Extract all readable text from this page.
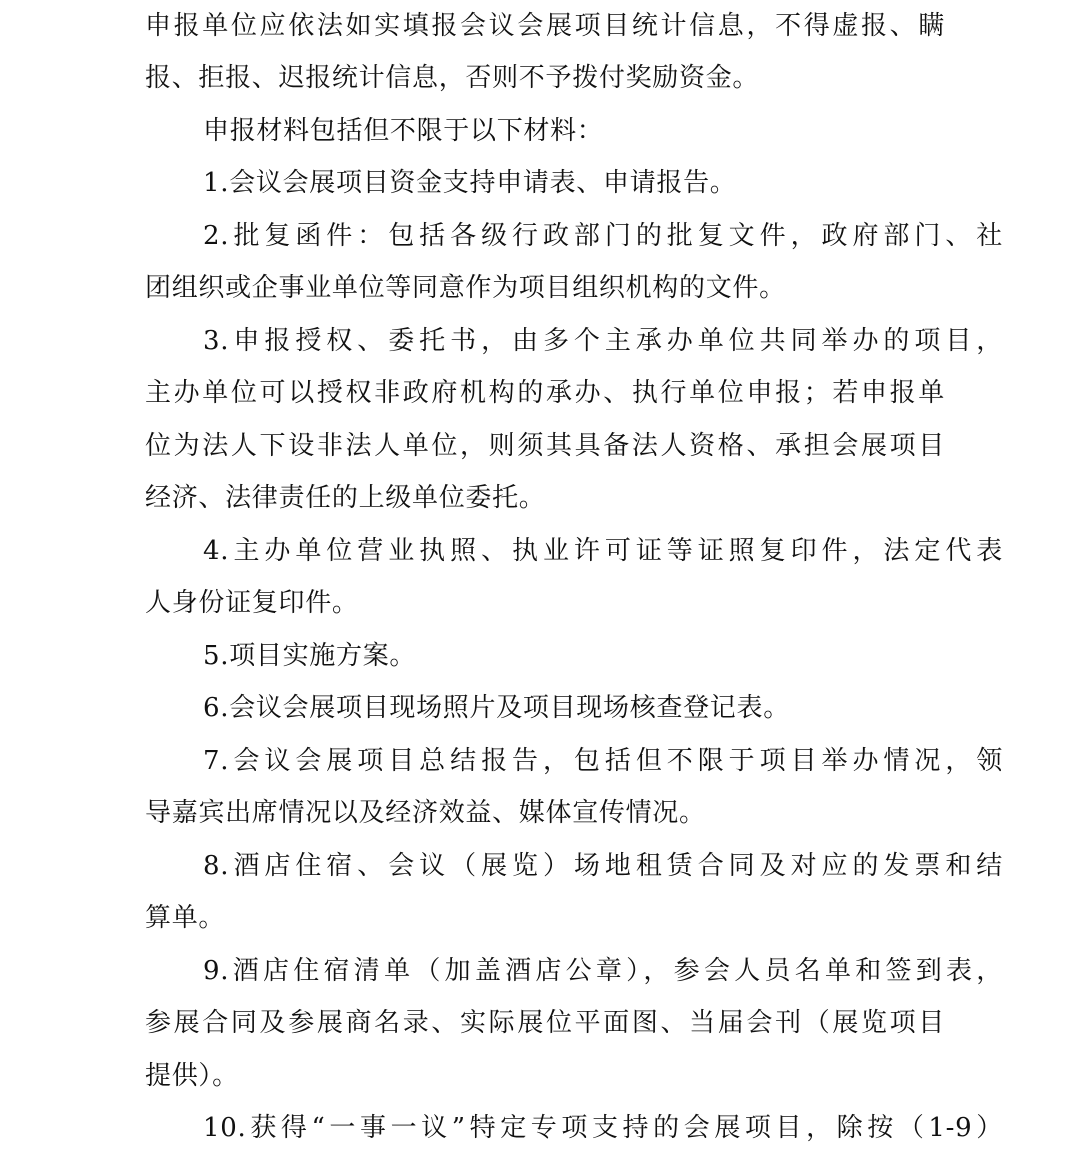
申报单位应依法如实填报会议会展项目统计信息，不得虚报、瞒
报、拒报、迟报统计信息，否则不予拨付奖励资金。
申报材料包括但不限于以下材料：
1.会议会展项目资金支持申请表、申请报告。
2.批复函件：包括各级行政部门的批复文件，政府部门、社
团组织或企事业单位等同意作为项目组织机构的文件。
3.申报授权、委托书，由多个主承办单位共同举办的项目，
主办单位可以授权非政府机构的承办、执行单位申报；若申报单
位为法人下设非法人单位，则须其具备法人资格、承担会展项目
经济、法律责任的上级单位委托。
4.主办单位营业执照、执业许可证等证照复印件，法定代表
人身份证复印件。
5.项目实施方案。
6.会议会展项目现场照片及项目现场核查登记表。
7.会议会展项目总结报告，包括但不限于项目举办情况，领
导嘉宾出席情况以及经济效益、媒体宣传情况。
8.酒店住宿、会议（展览）场地租赁合同及对应的发票和结
算单。
9.酒店住宿清单（加盖酒店公章），参会人员名单和签到表，
参展合同及参展商名录、实际展位平面图、当届会刊（展览项目
提供）。
10.获得“一事一议”特定专项支持的会展项目，除按（1-9）
